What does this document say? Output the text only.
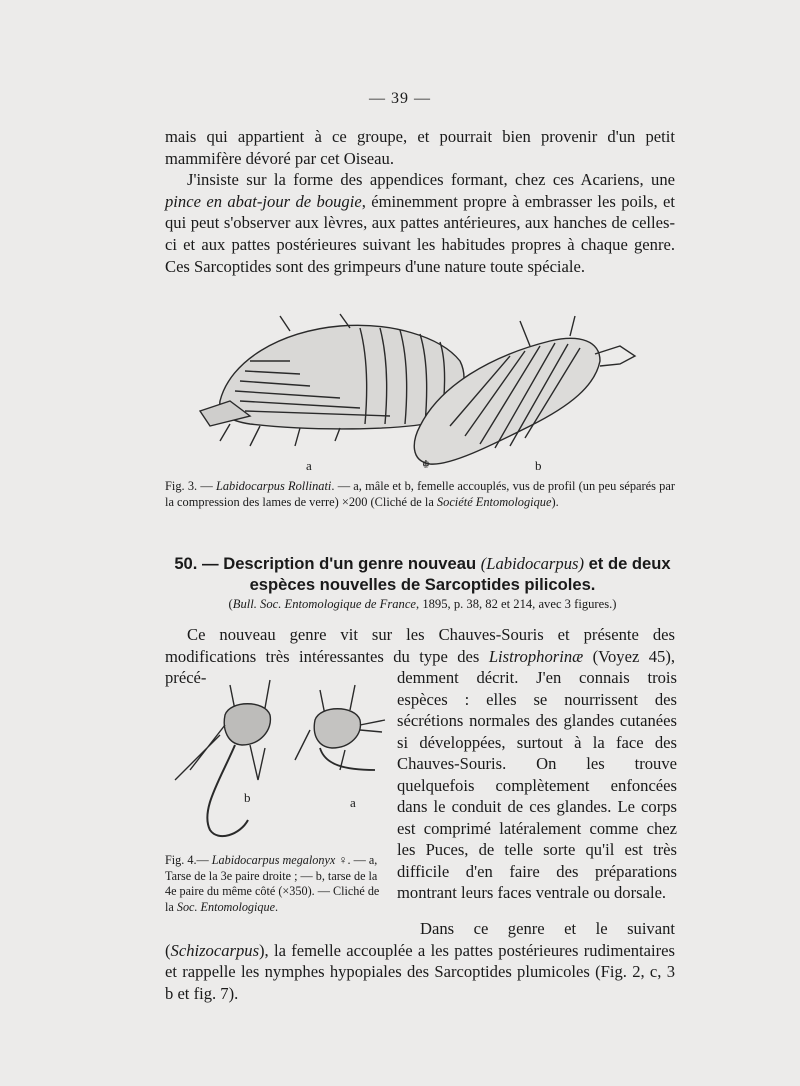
— 39 —

mais qui appartient à ce groupe, et pourrait bien provenir d'un petit mammifère dévoré par cet Oiseau.

J'insiste sur la forme des appendices formant, chez ces Acariens, une pince en abat-jour de bougie, éminemment propre à embrasser les poils, et qui peut s'observer aux lèvres, aux pattes antérieures, aux hanches de celles-ci et aux pattes postérieures suivant les habitudes propres à chaque genre. Ces Sarcoptides sont des grimpeurs d'une nature toute spéciale.

☬
a	b
Fig. 3. — Labidocarpus Rollinati. — a, mâle et b, femelle accouplés, vus de profil (un peu séparés par la compression des lames de verre) ×200 (Cliché de la Société Entomologique).
50. — Description d'un genre nouveau (Labidocarpus) et de deux espèces nouvelles de Sarcoptides pilicoles.
(Bull. Soc. Entomologique de France, 1895, p. 38, 82 et 214, avec 3 figures.)

Ce nouveau genre vit sur les Chauves-Souris et présente des modifications très intéressantes du type des Listrophorinæ (Voyez 45), précé-	demment décrit. J'en connais trois espèces : elles se nourrissent des sécrétions normales des glandes cutanées si développées, surtout à la face des Chauves-Souris. On les trouve quelquefois complètement enfoncées dans le conduit de ces glandes. Le corps est comprimé latéralement comme chez les Puces, de telle sorte qu'il est très difficile d'en faire des préparations montrant leurs faces ventrale ou dorsale.
b	a
Fig. 4.— Labidocarpus megalonyx ♀. — a, Tarse de la 3e paire droite ; — b, tarse de la 4e paire du même côté (×350). — Cliché de la Soc. Entomologique.

Dans ce genre et le suivant (Schizocarpus), la femelle accouplée a les pattes postérieures rudimentaires et rappelle les nymphes hypopiales des Sarcoptides plumicoles (Fig. 2, c, 3 b et fig. 7).
